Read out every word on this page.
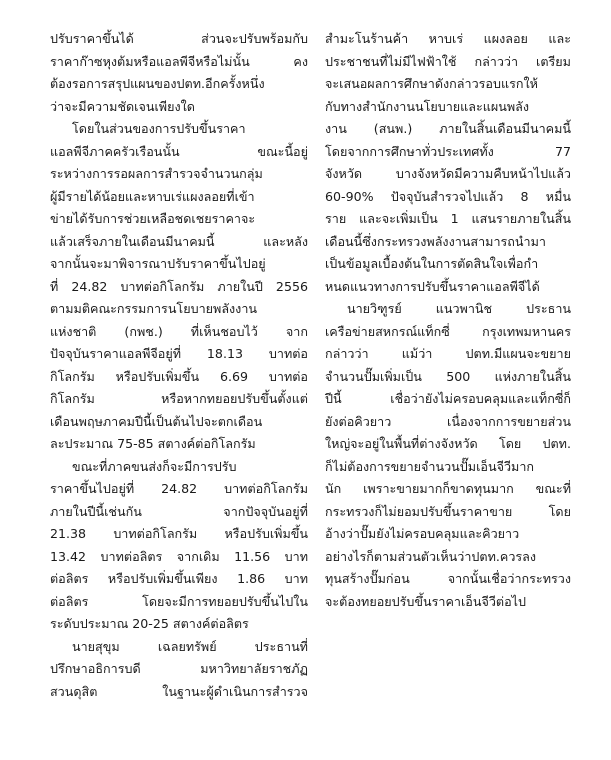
ปรับราคาขึ้นได้ ส่วนจะปรับพร้อมกับ
ราคาก๊าซหุงต้มหรือแอลพีจีหรือไม่นั้น คง
ต้องรอการสรุปแผนของปตท.อีกครั้งหนึ่ง
ว่าจะมีความชัดเจนเพียงใด
โดยในส่วนของการปรับขึ้นราคา
แอลพีจีภาคครัวเรือนนั้น ขณะนี้อยู่
ระหว่างการรอผลการสำรวจจำนวนกลุ่ม
ผู้มีรายได้น้อยและหาบเร่แผงลอยที่เข้า
ข่ายได้รับการช่วยเหลือชดเชยราคาจะ
แล้วเสร็จภายในเดือนมีนาคมนี้ และหลัง
จากนั้นจะมาพิจารณาปรับราคาขึ้นไปอยู่
ที่ 24.82 บาทต่อกิโลกรัม ภายในปี 2556
ตามมติคณะกรรมการนโยบายพลังงาน
แห่งชาติ (กพช.) ที่เห็นชอบไว้ จาก
ปัจจุบันราคาแอลพีจีอยู่ที่ 18.13 บาทต่อ
กิโลกรัม หรือปรับเพิ่มขึ้น 6.69 บาทต่อ
กิโลกรัม หรือหากทยอยปรับขึ้นตั้งแต่
เดือนพฤษภาคมปีนี้เป็นต้นไปจะตกเดือน
ละประมาณ 75-85 สตางค์ต่อกิโลกรัม
ขณะที่ภาคขนส่งก็จะมีการปรับ
ราคาขึ้นไปอยู่ที่ 24.82 บาทต่อกิโลกรัม
ภายในปีนี้เช่นกัน จากปัจจุบันอยู่ที่
21.38 บาทต่อกิโลกรัม หรือปรับเพิ่มขึ้น
13.42 บาทต่อลิตร จากเดิม 11.56 บาท
ต่อลิตร หรือปรับเพิ่มขึ้นเพียง 1.86 บาท
ต่อลิตร โดยจะมีการทยอยปรับขึ้นไปใน
ระดับประมาณ 20-25 สตางค์ต่อลิตร
นายสุขุม เฉลยทรัพย์ ประธานที่
ปรึกษาอธิการบดี มหาวิทยาลัยราชภัฏ
สวนดุสิต ในฐานะผู้ดำเนินการสำรวจ
สำมะโนร้านค้า หาบเร่ แผงลอย และ
ประชาชนที่ไม่มีไฟฟ้าใช้ กล่าวว่า เตรียม
จะเสนอผลการศึกษาดังกล่าวรอบแรกให้
กับทางสำนักงานนโยบายและแผนพลัง
งาน (สนพ.) ภายในสิ้นเดือนมีนาคมนี้
โดยจากการศึกษาทั่วประเทศทั้ง 77
จังหวัด บางจังหวัดมีความคืบหน้าไปแล้ว
60-90% ปัจจุบันสำรวจไปแล้ว 8 หมื่น
ราย และจะเพิ่มเป็น 1 แสนรายภายในสิ้น
เดือนนี้ซึ่งกระทรวงพลังงานสามารถนำมา
เป็นข้อมูลเบื้องต้นในการตัดสินใจเพื่อกำ
หนดแนวทางการปรับขึ้นราคาแอลพีจีได้
นายวิฑูรย์ แนวพานิช ประธาน
เครือข่ายสหกรณ์แท็กซี่ กรุงเทพมหานคร
กล่าวว่า แม้ว่า ปตท.มีแผนจะขยาย
จำนวนปั๊มเพิ่มเป็น 500 แห่งภายในสิ้น
ปีนี้ เชื่อว่ายังไม่ครอบคลุมและแท็กซี่ก็
ยังต่อคิวยาว เนื่องจากการขยายส่วน
ใหญ่จะอยู่ในพื้นที่ต่างจังหวัด โดย ปตท.
ก็ไม่ต้องการขยายจำนวนปั๊มเอ็นจีวีมาก
นัก เพราะขายมากก็ขาดทุนมาก ขณะที่
กระทรวงก็ไม่ยอมปรับขึ้นราคาขาย โดย
อ้างว่าปั๊มยังไม่ครอบคลุมและคิวยาว
อย่างไรก็ตามส่วนตัวเห็นว่าปตท.ควรลง
ทุนสร้างปั๊มก่อน จากนั้นเชื่อว่ากระทรวง
จะต้องทยอยปรับขึ้นราคาเอ็นจีวีต่อไป
